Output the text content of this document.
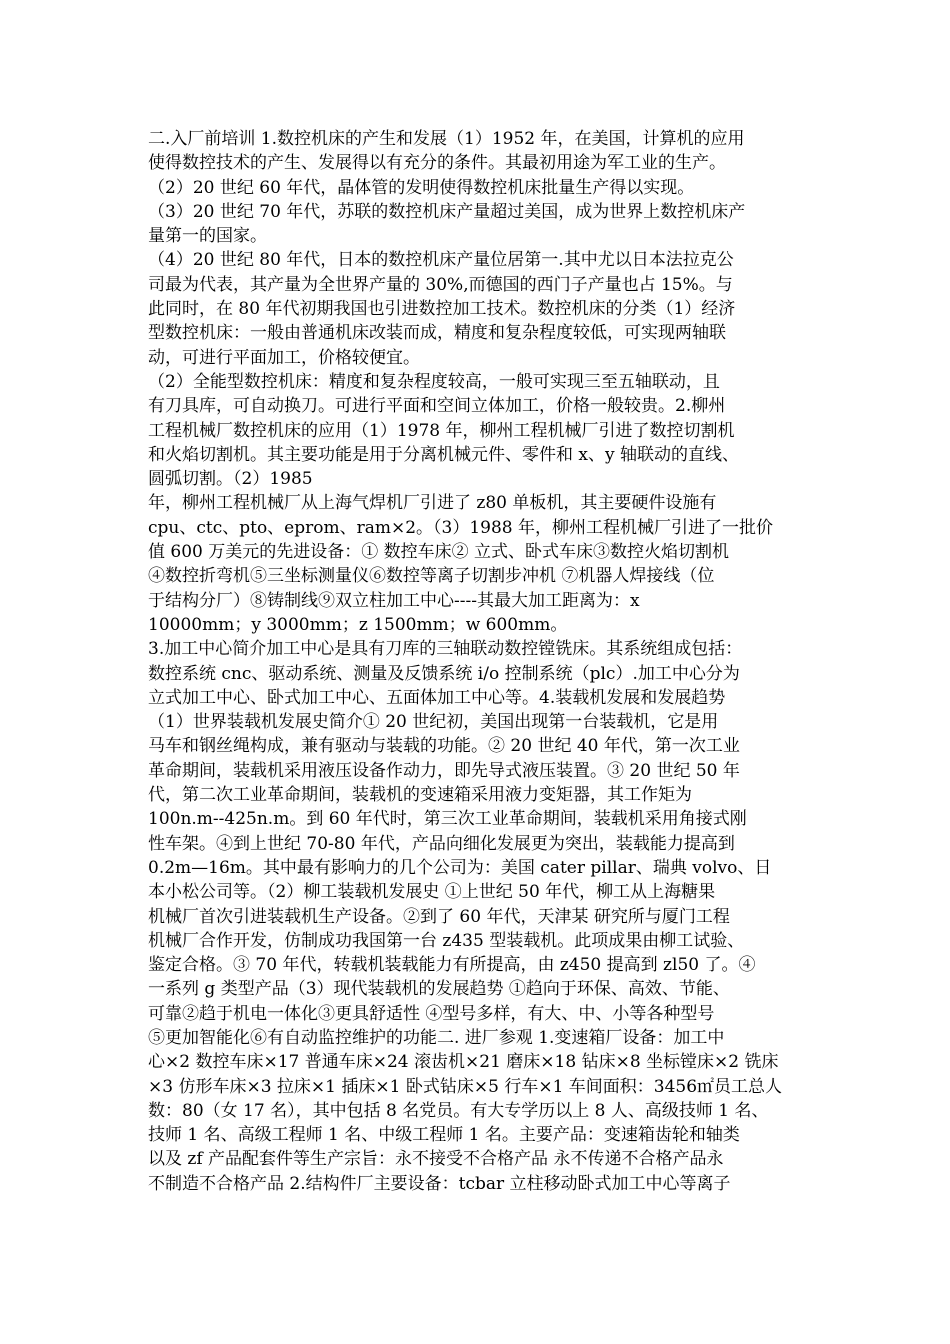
二.入厂前培训 1.数控机床的产生和发展（1）1952 年，在美国，计算机的应用
使得数控技术的产生、发展得以有充分的条件。其最初用途为军工业的生产。
（2）20 世纪 60 年代，晶体管的发明使得数控机床批量生产得以实现。
（3）20 世纪 70 年代，苏联的数控机床产量超过美国，成为世界上数控机床产
量第一的国家。
（4）20 世纪 80 年代，日本的数控机床产量位居第一.其中尤以日本法拉克公
司最为代表，其产量为全世界产量的 30%,而德国的西门子产量也占 15%。与
此同时，在 80 年代初期我国也引进数控加工技术。数控机床的分类（1）经济
型数控机床：一般由普通机床改装而成，精度和复杂程度较低，可实现两轴联
动，可进行平面加工，价格较便宜。
（2）全能型数控机床：精度和复杂程度较高，一般可实现三至五轴联动，且
有刀具库，可自动换刀。可进行平面和空间立体加工，价格一般较贵。2.柳州
工程机械厂数控机床的应用（1）1978 年，柳州工程机械厂引进了数控切割机
和火焰切割机。其主要功能是用于分离机械元件、零件和 x、y 轴联动的直线、
圆弧切割。（2）1985
年，柳州工程机械厂从上海气焊机厂引进了 z80 单板机，其主要硬件设施有
cpu、ctc、pto、eprom、ram×2。（3）1988 年，柳州工程机械厂引进了一批价
值 600 万美元的先进设备：① 数控车床② 立式、卧式车床③数控火焰切割机
④数控折弯机⑤三坐标测量仪⑥数控等离子切割步冲机 ⑦机器人焊接线（位
于结构分厂）⑧铸制线⑨双立柱加工中心----其最大加工距离为：x
10000mm；y 3000mm；z 1500mm；w 600mm。
3.加工中心简介加工中心是具有刀库的三轴联动数控镗铣床。其系统组成包括：
数控系统 cnc、驱动系统、测量及反馈系统 i/o 控制系统（plc）.加工中心分为
立式加工中心、卧式加工中心、五面体加工中心等。4.装载机发展和发展趋势
（1）世界装载机发展史简介① 20 世纪初，美国出现第一台装载机，它是用
马车和钢丝绳构成，兼有驱动与装载的功能。② 20 世纪 40 年代，第一次工业
革命期间，装载机采用液压设备作动力，即先导式液压装置。③ 20 世纪 50 年
代，第二次工业革命期间，装载机的变速箱采用液力变矩器，其工作矩为
100n.m--425n.m。到 60 年代时，第三次工业革命期间，装载机采用角接式刚
性车架。④到上世纪 70-80 年代，产品向细化发展更为突出，装载能力提高到
0.2m—16m。其中最有影响力的几个公司为：美国 cater pillar、瑞典 volvo、日
本小松公司等。（2）柳工装载机发展史 ①上世纪 50 年代，柳工从上海糖果
机械厂首次引进装载机生产设备。②到了 60 年代，天津某 研究所与厦门工程
机械厂合作开发，仿制成功我国第一台 z435 型装载机。此项成果由柳工试验、
鉴定合格。③ 70 年代，转载机装载能力有所提高，由 z450 提高到 zl50 了。④
一系列 g 类型产品（3）现代装载机的发展趋势 ①趋向于环保、高效、节能、
可靠②趋于机电一体化③更具舒适性 ④型号多样，有大、中、小等各种型号
⑤更加智能化⑥有自动监控维护的功能二. 进厂参观 1.变速箱厂设备：加工中
心×2 数控车床×17 普通车床×24 滚齿机×21 磨床×18 钻床×8 坐标镗床×2 铣床
×3 仿形车床×3 拉床×1 插床×1 卧式钻床×5 行车×1 车间面积：3456㎡员工总人
数：80（女 17 名），其中包括 8 名党员。有大专学历以上 8 人、高级技师 1 名、
技师 1 名、高级工程师 1 名、中级工程师 1 名。主要产品：变速箱齿轮和轴类
以及 zf 产品配套件等生产宗旨：永不接受不合格产品 永不传递不合格产品永
不制造不合格产品 2.结构件厂主要设备：tcbar 立柱移动卧式加工中心等离子
